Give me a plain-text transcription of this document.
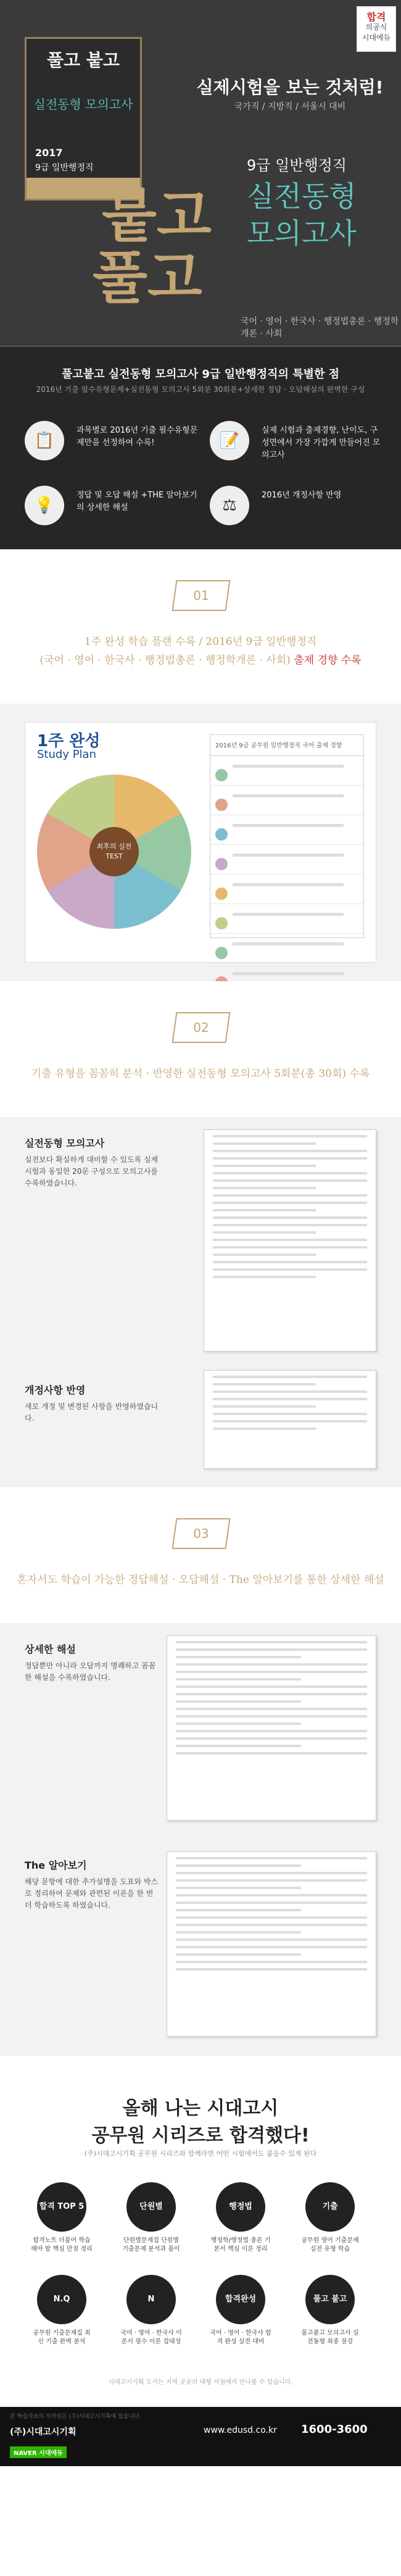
풀고 붙고
실전동형 모의고사
2017
9급 일반행정직
합격
의공식
시대에듀
실제시험을 보는 것처럼!
국가직 / 지방직 / 서울시 대비
9급 일반행정직
붙고
풀고
실전동형
모의고사
국어 · 영어 · 한국사 · 행정법총론 · 행정학개론 · 사회
풀고붙고 실전동형 모의고사 9급 일반행정직의 특별한 점
2016년 기출 필수유형문제+실전동형 모의고사 5회분 30회분+상세한 정답 · 오답해설의 완벽한 구성
📋
과목별로 2016년 기출 필수유형문제만을 선정하여 수록!	📝
실제 시험과 출제경향, 난이도, 구성면에서 가장 가깝게 만들어진 모의고사
💡
정답 및 오답 해설 +THE 알아보기의 상세한 해설	⚖
2016년 개정사항 반영
01
1주 완성 학습 플랜 수록 / 2016년 9급 일반행정직
(국어 · 영어 · 한국사 · 행정법총론 · 행정학개론 · 사회) 출제 경향 수록
1주 완성
Study Plan
최후의 실전 TEST
2016년 9급 공무원 일반행정직 국어 출제 경향
02
기출 유형을 꼼꼼히 분석 · 반영한 실전동형 모의고사 5회분(총 30회) 수록
실전동형 모의고사
실전보다 확실하게 대비할 수 있도록 실제 시험과 동일한 20문 구성으로 모의고사를 수록하였습니다.
개정사항 반영
새로 개정 및 변경된 사항을 반영하였습니다.
03
혼자서도 학습이 가능한 정답해설 · 오답해설 · The 알아보기를 통한 상세한 해설
상세한 해설
정답뿐만 아니라 오답까지 명쾌하고 꼼꼼한 해설을 수록하였습니다.
The 알아보기
해당 문항에 대한 추가설명을 도표와 박스로 정리하여 문제와 관련된 이론을 한 번 더 학습하도록 하였습니다.
올해 나는 시대고시
공무원 시리즈로 합격했다!
(주)시대고시기획 공무원 시리즈와 함께라면 어떤 시험에서도 붙을수 있게 된다
합격 TOP 5
합격노트 더불어 학습해야 할 핵심 만점 정리
단원별
단원별문제집 단원별 기출문제 분석과 풀이
행정법
행정학/행정법 총론 기본서 핵심 이론 정리
기출
공무원 영어 기출문제 실전 유형 학습
N.Q
공무원 기출문제집 최신 기출 완벽 분석
N
국어 · 영어 · 한국사 이론서 필수 이론 집대성
합격완성
국어 · 영어 · 한국사 합격 완성 실전 대비
풀고 붙고
풀고붙고 모의고사 실전동형 최종 점검
시대고시기획 도서는 지역 곳곳의 대형 서점에서 만나볼 수 있습니다.
본 학습자료의 저작권은 (주)시대고시기획에 있습니다.
(주)시대고시기획
NAVER 시대에듀
www.edusd.co.kr 1600-3600
